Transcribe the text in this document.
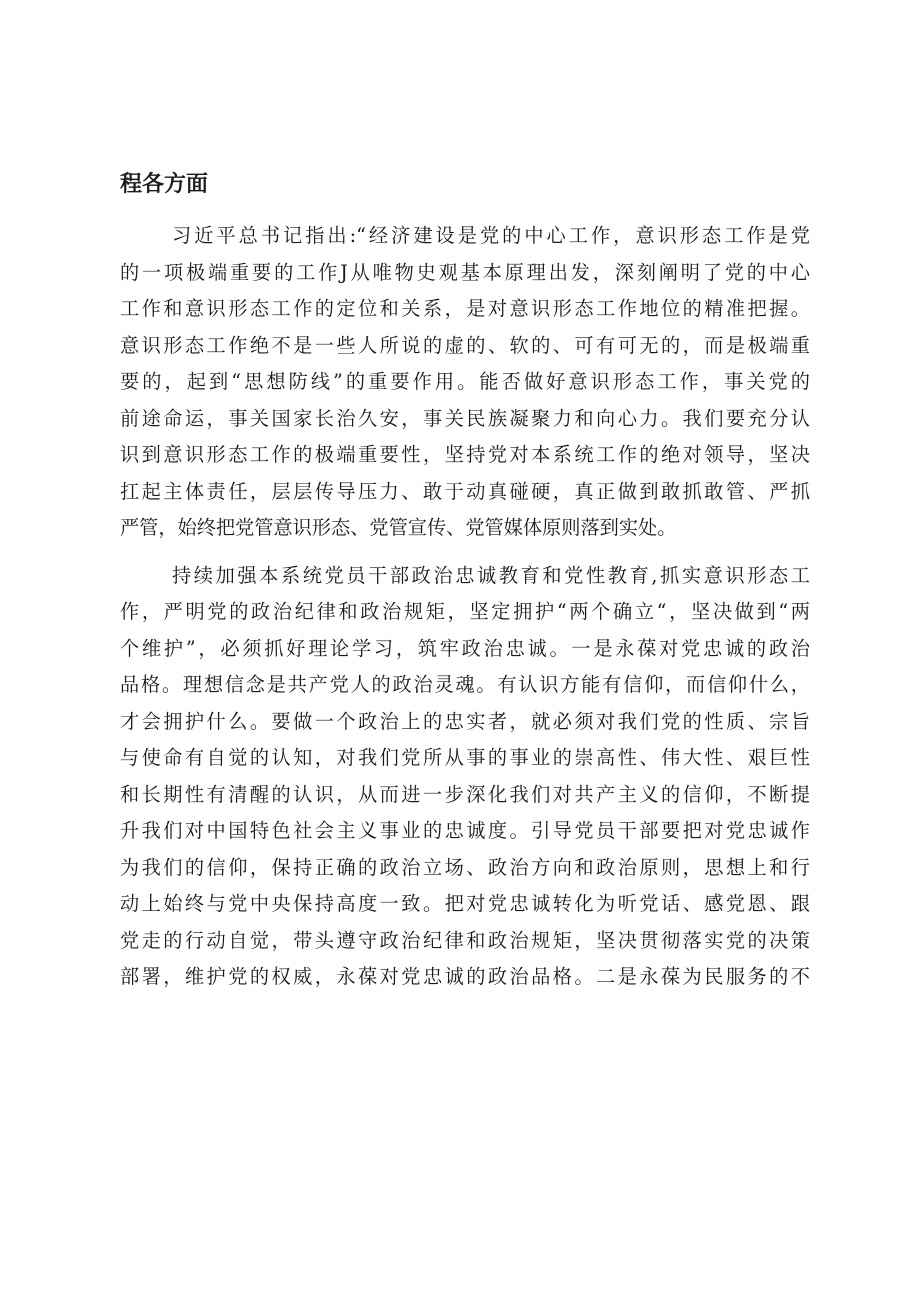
程各方面
习近平总书记指出:“经济建设是党的中心工作，意识形态工作是党
的一项极端重要的工作J从唯物史观基本原理出发，深刻阐明了党的中心
工作和意识形态工作的定位和关系，是对意识形态工作地位的精准把握。
意识形态工作绝不是一些人所说的虚的、软的、可有可无的，而是极端重
要的，起到“思想防线”的重要作用。能否做好意识形态工作，事关党的
前途命运，事关国家长治久安，事关民族凝聚力和向心力。我们要充分认
识到意识形态工作的极端重要性，坚持党对本系统工作的绝对领导，坚决
扛起主体责任，层层传导压力、敢于动真碰硬，真正做到敢抓敢管、严抓
严管，始终把党管意识形态、党管宣传、党管媒体原则落到实处。
持续加强本系统党员干部政治忠诚教育和党性教育,抓实意识形态工
作，严明党的政治纪律和政治规矩，坚定拥护“两个确立“，坚决做到“两
个维护”，必须抓好理论学习，筑牢政治忠诚。一是永葆对党忠诚的政治
品格。理想信念是共产党人的政治灵魂。有认识方能有信仰，而信仰什么，
才会拥护什么。要做一个政治上的忠实者，就必须对我们党的性质、宗旨
与使命有自觉的认知，对我们党所从事的事业的崇高性、伟大性、艰巨性
和长期性有清醒的认识，从而进一步深化我们对共产主义的信仰，不断提
升我们对中国特色社会主义事业的忠诚度。引导党员干部要把对党忠诚作
为我们的信仰，保持正确的政治立场、政治方向和政治原则，思想上和行
动上始终与党中央保持高度一致。把对党忠诚转化为听党话、感党恩、跟
党走的行动自觉，带头遵守政治纪律和政治规矩，坚决贯彻落实党的决策
部署，维护党的权威，永葆对党忠诚的政治品格。二是永葆为民服务的不
